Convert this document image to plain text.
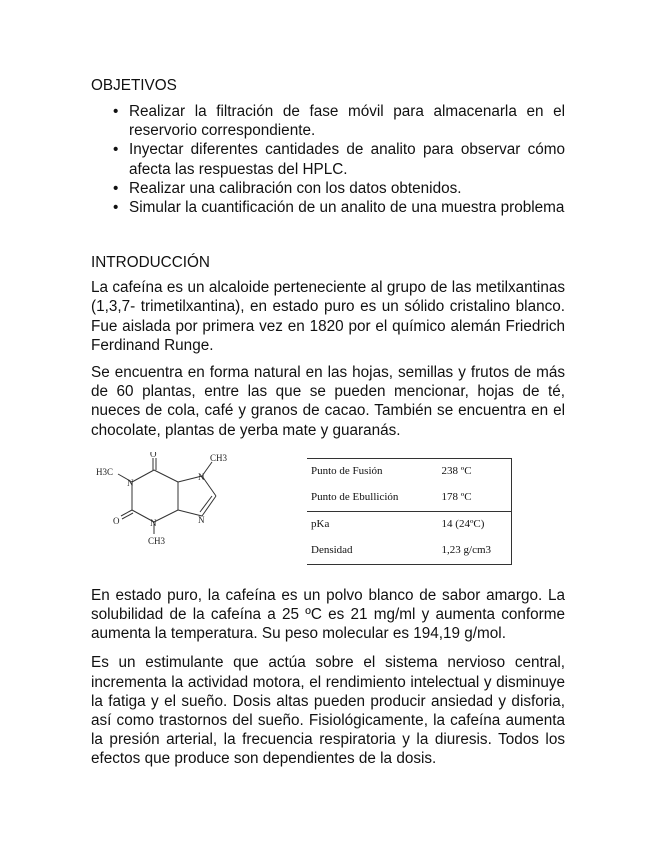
OBJETIVOS
• Realizar la filtración de fase móvil para almacenarla en el reservorio correspondiente.
• Inyectar diferentes cantidades de analito para observar cómo afecta las respuestas del HPLC.
• Realizar una calibración con los datos obtenidos.
• Simular la cuantificación de un analito de una muestra problema
INTRODUCCIÓN

La cafeína es un alcaloide perteneciente al grupo de las metilxantinas (1,3,7- trimetilxantina), en estado puro es un sólido cristalino blanco. Fue aislada por primera vez en 1820 por el químico alemán Friedrich Ferdinand Runge.

Se encuentra en forma natural en las hojas, semillas y frutos de más de 60 plantas, entre las que se pueden mencionar, hojas de té, nueces de cola, café y granos de cacao. También se encuentra en el chocolate, plantas de yerba mate y guaranás.

O	CH3
H3C
N
N
N
O	N
CH3
Punto de Fusión	238 ºC
Punto de Ebullición	178 ºC
pKa	14 (24ºC)
Densidad	1,23 g/cm3

En estado puro, la cafeína es un polvo blanco de sabor amargo. La solubilidad de la cafeína a 25 ºC es 21 mg/ml y aumenta conforme aumenta la temperatura. Su peso molecular es 194,19 g/mol.

Es un estimulante que actúa sobre el sistema nervioso central, incrementa la actividad motora, el rendimiento intelectual y disminuye la fatiga y el sueño. Dosis altas pueden producir ansiedad y disforia, así como trastornos del sueño. Fisiológicamente, la cafeína aumenta la presión arterial, la frecuencia respiratoria y la diuresis. Todos los efectos que produce son dependientes de la dosis.
